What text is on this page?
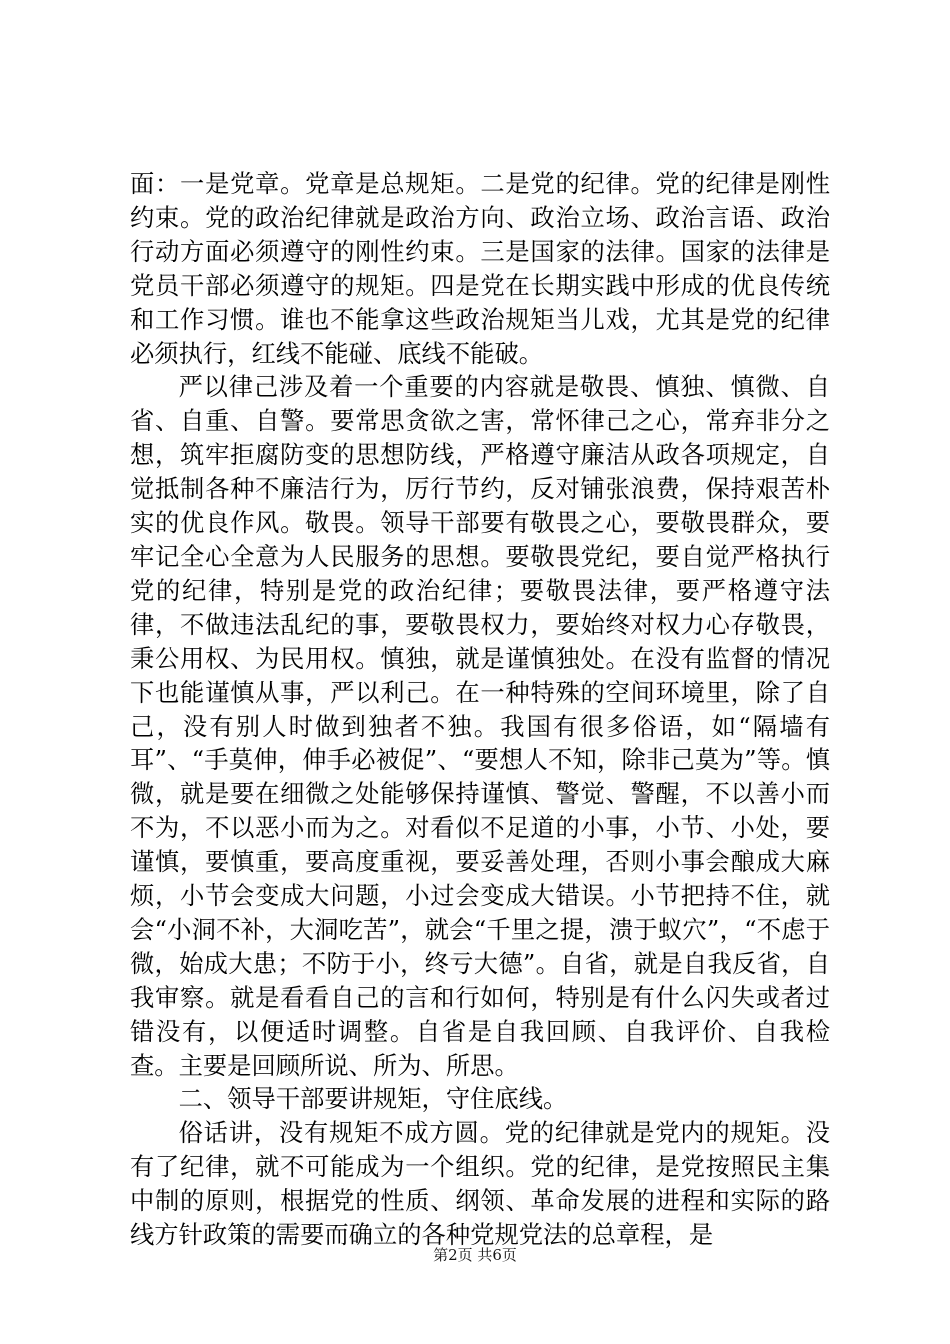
面：一是党章。党章是总规矩。二是党的纪律。党的纪律是刚性约束。党的政治纪律就是政治方向、政治立场、政治言语、政治行动方面必须遵守的刚性约束。三是国家的法律。国家的法律是党员干部必须遵守的规矩。四是党在长期实践中形成的优良传统和工作习惯。谁也不能拿这些政治规矩当儿戏，尤其是党的纪律必须执行，红线不能碰、底线不能破。

严以律己涉及着一个重要的内容就是敬畏、慎独、慎微、自省、自重、自警。要常思贪欲之害，常怀律己之心，常弃非分之想，筑牢拒腐防变的思想防线，严格遵守廉洁从政各项规定，自觉抵制各种不廉洁行为，厉行节约，反对铺张浪费，保持艰苦朴实的优良作风。敬畏。领导干部要有敬畏之心，要敬畏群众，要牢记全心全意为人民服务的思想。要敬畏党纪，要自觉严格执行党的纪律，特别是党的政治纪律；要敬畏法律，要严格遵守法律，不做违法乱纪的事，要敬畏权力，要始终对权力心存敬畏，秉公用权、为民用权。慎独，就是谨慎独处。在没有监督的情况下也能谨慎从事，严以利己。在一种特殊的空间环境里，除了自己，没有别人时做到独者不独。我国有很多俗语，如“隔墙有耳”、“手莫伸，伸手必被促”、“要想人不知，除非己莫为”等。慎微，就是要在细微之处能够保持谨慎、警觉、警醒，不以善小而不为，不以恶小而为之。对看似不足道的小事，小节、小处，要谨慎，要慎重，要高度重视，要妥善处理，否则小事会酿成大麻烦，小节会变成大问题，小过会变成大错误。小节把持不住，就会“小洞不补，大洞吃苦”，就会“千里之提，溃于蚁穴”，“不虑于微，始成大患；不防于小，终亏大德”。自省，就是自我反省，自我审察。就是看看自己的言和行如何，特别是有什么闪失或者过错没有，以便适时调整。自省是自我回顾、自我评价、自我检查。主要是回顾所说、所为、所思。

二、领导干部要讲规矩，守住底线。

俗话讲，没有规矩不成方圆。党的纪律就是党内的规矩。没有了纪律，就不可能成为一个组织。党的纪律，是党按照民主集中制的原则，根据党的性质、纲领、革命发展的进程和实际的路线方针政策的需要而确立的各种党规党法的总章程，是

第2页 共6页
